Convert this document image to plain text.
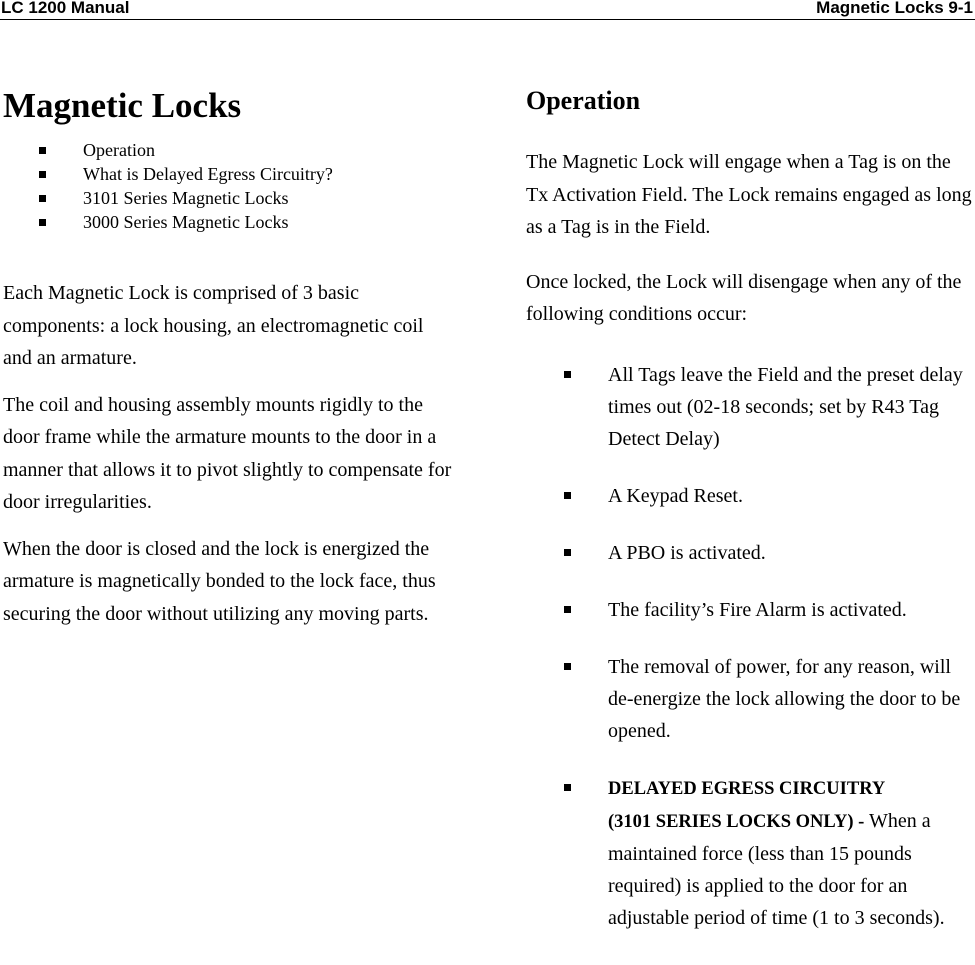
LC 1200 Manual	Magnetic Locks 9-1
Magnetic Locks
Operation
What is Delayed Egress Circuitry?
3101 Series Magnetic Locks
3000 Series Magnetic Locks

Each Magnetic Lock is comprised of 3 basic components: a lock housing, an electromagnetic coil and an armature.

The coil and housing assembly mounts rigidly to the door frame while the armature mounts to the door in a manner that allows it to pivot slightly to compensate for door irregularities.

When the door is closed and the lock is energized the armature is magnetically bonded to the lock face, thus securing the door without utilizing any moving parts.

Operation

The Magnetic Lock will engage when a Tag is on the Tx Activation Field. The Lock remains engaged as long as a Tag is in the Field.

Once locked, the Lock will disengage when any of the following conditions occur:

All Tags leave the Field and the preset delay times out (02-18 seconds; set by R43 Tag Detect Delay)
A Keypad Reset.
A PBO is activated.
The facility’s Fire Alarm is activated.
The removal of power, for any reason, will de-energize the lock allowing the door to be opened.
DELAYED EGRESS CIRCUITRY
(3101 SERIES LOCKS ONLY) - When a maintained force (less than 15 pounds required) is applied to the door for an adjustable period of time (1 to 3 seconds).
